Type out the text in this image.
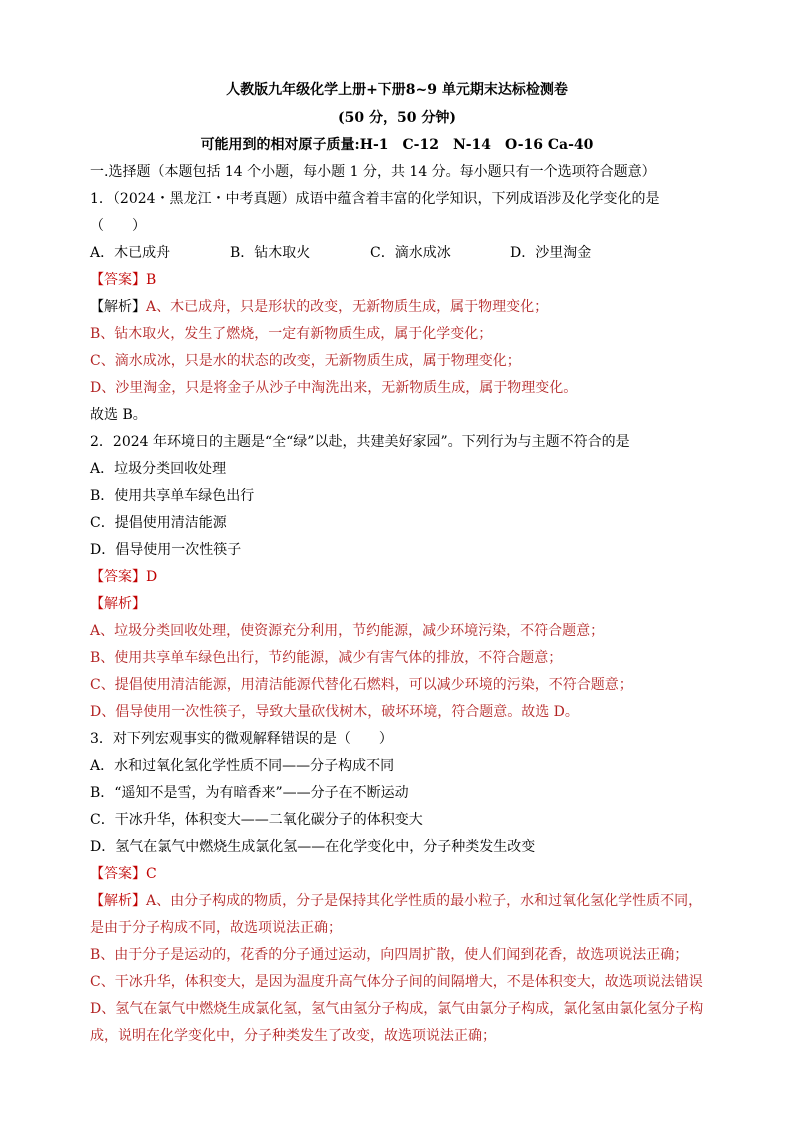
人教版九年级化学上册+下册8~9 单元期末达标检测卷
(50 分，50 分钟)
可能用到的相对原子质量:H-1　C-12　N-14　O-16 Ca-40
一.选择题（本题包括 14 个小题，每小题 1 分，共 14 分。每小题只有一个选项符合题意）
1．（2024・黑龙江・中考真题）成语中蕴含着丰富的化学知识，下列成语涉及化学变化的是
（　　）
A．木已成舟	B．钻木取火	C．滴水成冰	D．沙里淘金
【答案】B
【解析】A、木已成舟，只是形状的改变，无新物质生成，属于物理变化；
B、钻木取火，发生了燃烧，一定有新物质生成，属于化学变化；
C、滴水成冰，只是水的状态的改变，无新物质生成，属于物理变化；
D、沙里淘金，只是将金子从沙子中淘洗出来，无新物质生成，属于物理变化。
故选 B。
2．2024 年环境日的主题是“全“绿”以赴，共建美好家园”。下列行为与主题不符合的是
A．垃圾分类回收处理
B．使用共享单车绿色出行
C．提倡使用清洁能源
D．倡导使用一次性筷子
【答案】D
【解析】
A、垃圾分类回收处理，使资源充分利用，节约能源，减少环境污染，不符合题意；
B、使用共享单车绿色出行，节约能源，减少有害气体的排放，不符合题意；
C、提倡使用清洁能源，用清洁能源代替化石燃料，可以减少环境的污染，不符合题意；
D、倡导使用一次性筷子，导致大量砍伐树木，破坏环境，符合题意。故选 D。
3．对下列宏观事实的微观解释错误的是（　　）
A．水和过氧化氢化学性质不同——分子构成不同
B．“遥知不是雪，为有暗香来”——分子在不断运动
C．干冰升华，体积变大——二氧化碳分子的体积变大
D．氢气在氯气中燃烧生成氯化氢——在化学变化中，分子种类发生改变
【答案】C
【解析】A、由分子构成的物质，分子是保持其化学性质的最小粒子，水和过氧化氢化学性质不同，
是由于分子构成不同，故选项说法正确；
B、由于分子是运动的，花香的分子通过运动，向四周扩散，使人们闻到花香，故选项说法正确；
C、干冰升华，体积变大，是因为温度升高气体分子间的间隔增大，不是体积变大，故选项说法错误
D、氢气在氯气中燃烧生成氯化氢，氢气由氢分子构成，氯气由氯分子构成，氯化氢由氯化氢分子构
成，说明在化学变化中，分子种类发生了改变，故选项说法正确；
